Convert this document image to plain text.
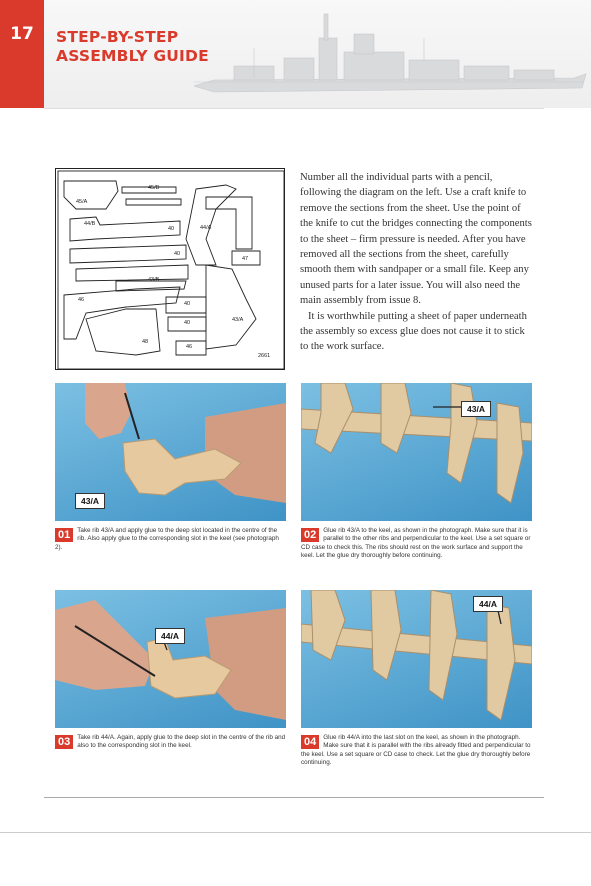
17	STEP-BY-STEP
ASSEMBLY GUIDE
45/B
45/A
44/B
40	44/A
40
47
43/B
46
48
40
43/A
40
46
2661

Number all the individual parts with a pencil, following the diagram on the left. Use a craft knife to remove the sections from the sheet. Use the point of the knife to cut the bridges connecting the components to the sheet – firm pressure is needed. After you have removed all the sections from the sheet, carefully smooth them with sandpaper or a small file. Keep any unused parts for a later issue. You will also need the main assembly from issue 8.

It is worthwhile putting a sheet of paper underneath the assembly so excess glue does not cause it to stick to the work surface.

43/A
01	Take rib 43/A and apply glue to the deep slot located in the centre of the rib. Also apply glue to the corresponding slot in the keel (see photograph 2).
43/A
02	Glue rib 43/A to the keel, as shown in the photograph. Make sure that it is parallel to the other ribs and perpendicular to the keel. Use a set square or CD case to check this. The ribs should rest on the work surface and support the keel. Let the glue dry thoroughly before continuing.
44/A
03	Take rib 44/A. Again, apply glue to the deep slot in the centre of the rib and also to the corresponding slot in the keel.
44/A
04	Glue rib 44/A into the last slot on the keel, as shown in the photograph. Make sure that it is parallel with the ribs already fitted and perpendicular to the keel. Use a set square or CD case to check. Let the glue dry thoroughly before continuing.
